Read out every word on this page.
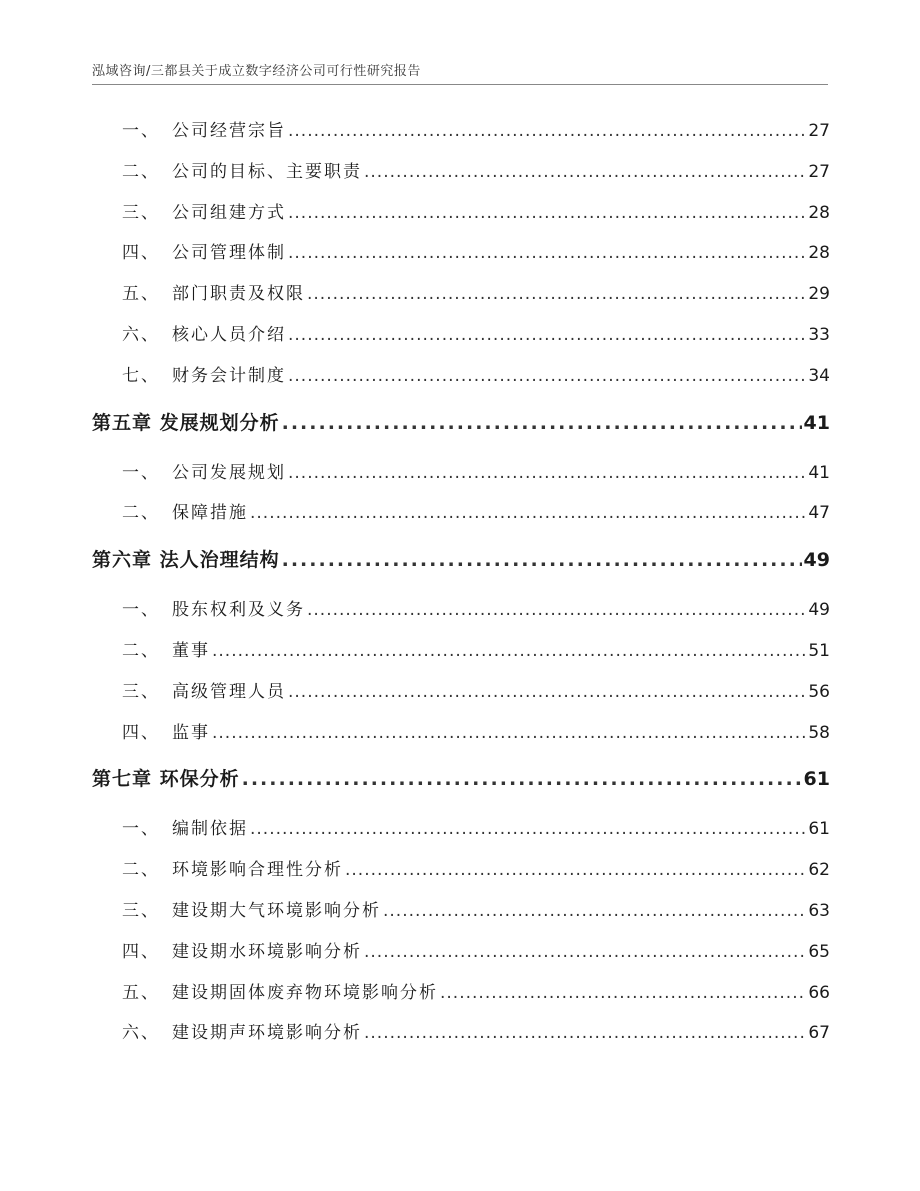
泓域咨询/三都县关于成立数字经济公司可行性研究报告
一、 公司经营宗旨 .....	27
二、 公司的目标、主要职责 .....	27
三、 公司组建方式 .....	28
四、 公司管理体制 .....	28
五、 部门职责及权限 .....	29
六、 核心人员介绍 .....	33
七、 财务会计制度 .....	34
第五章 发展规划分析 .....	41
一、 公司发展规划 .....	41
二、 保障措施 .....	47
第六章 法人治理结构 .....	49
一、 股东权利及义务 .....	49
二、 董事 .....	51
三、 高级管理人员 .....	56
四、 监事 .....	58
第七章 环保分析 .....	61
一、 编制依据 .....	61
二、 环境影响合理性分析 .....	62
三、 建设期大气环境影响分析 .....	63
四、 建设期水环境影响分析 .....	65
五、 建设期固体废弃物环境影响分析 .....	66
六、 建设期声环境影响分析 .....	67
